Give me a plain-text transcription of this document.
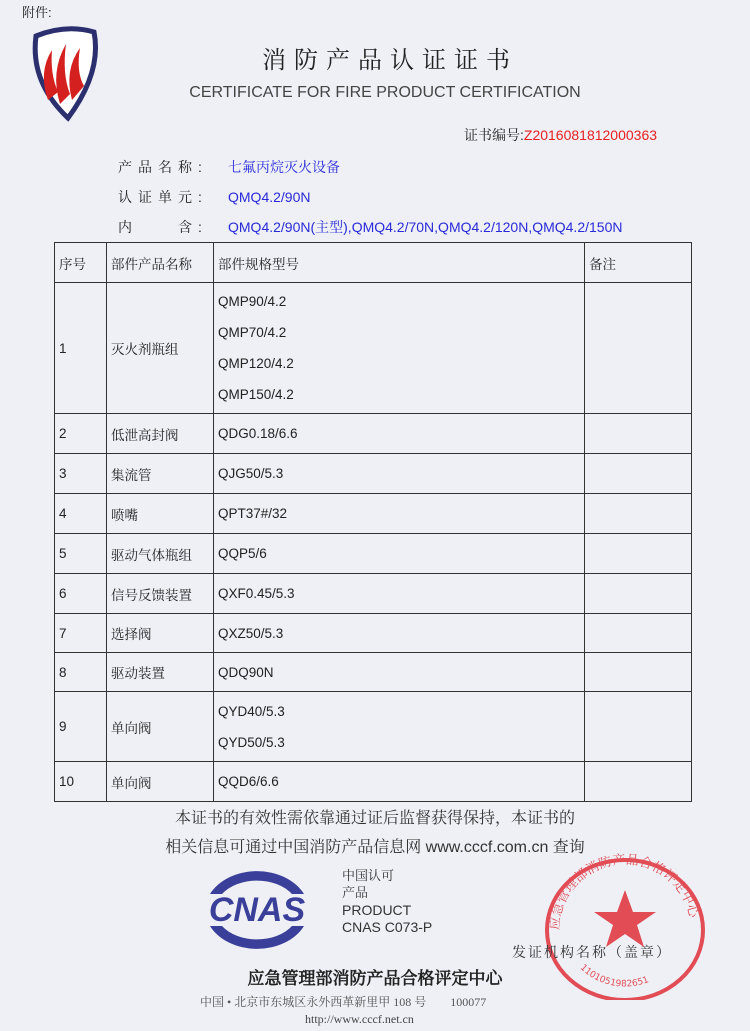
附件:
消防产品认证证书
CERTIFICATE FOR FIRE PRODUCT CERTIFICATION
证书编号:Z2016081812000363
产品名称: 七氟丙烷灭火设备
认证单元: QMQ4.2/90N
内　　含: QMQ4.2/90N(主型),QMQ4.2/70N,QMQ4.2/120N,QMQ4.2/150N
序号	部件产品名称	部件规格型号	备注
1	灭火剂瓶组	QMP90/4.2
QMP70/4.2
QMP120/4.2
QMP150/4.2	

2	低泄高封阀	QDG0.18/6.6	

3	集流管	QJG50/5.3	

4	喷嘴	QPT37#/32	

5	驱动气体瓶组	QQP5/6	

6	信号反馈装置	QXF0.45/5.3	

7	选择阀	QXZ50/5.3	

8	驱动装置	QDQ90N	

9	单向阀	QYD40/5.3
QYD50/5.3	

10	单向阀	QQD6/6.6	

本证书的有效性需依靠通过证后监督获得保持，本证书的
相关信息可通过中国消防产品信息网 www.cccf.com.cn 查询
CNAS
中国认可
产品
PRODUCT
CNAS C073-P	应急管理部消防产品合格评定中心
1101051982651
发证机构名称（盖章）
应急管理部消防产品合格评定中心
中国 • 北京市东城区永外西革新里甲 108 号　　100077
http://www.cccf.net.cn
